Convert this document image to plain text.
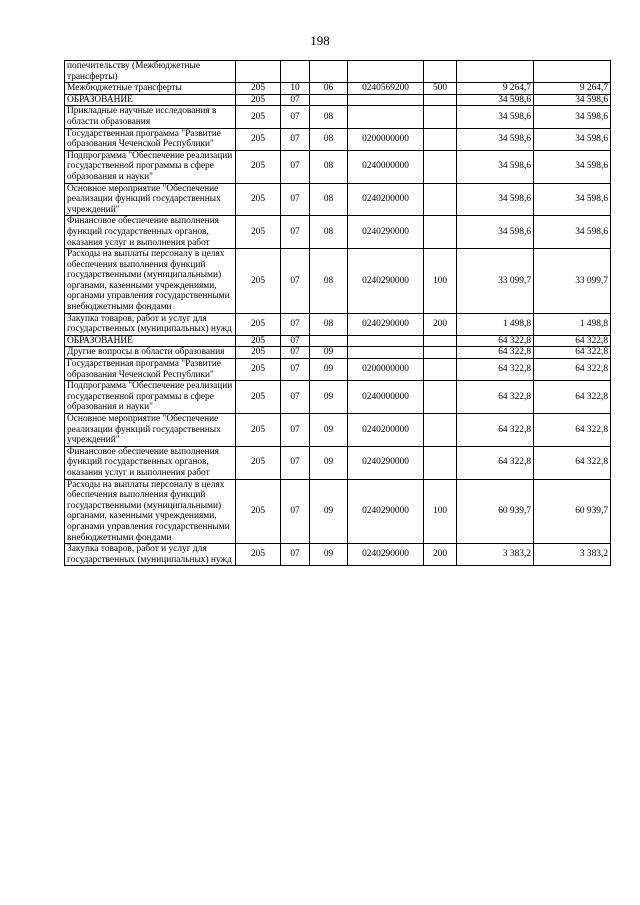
198
попечительству (Межбюджетные трансферты)							
Межбюджетные трансферты	205	10	06	0240569200	500	9 264,7	9 264,7
ОБРАЗОВАНИЕ	205	07				34 598,6	34 598,6
Прикладные научные исследования в области образования	205	07	08			34 598,6	34 598,6
Государственная программа "Развитие образования Чеченской Республики"	205	07	08	0200000000		34 598,6	34 598,6
Подпрограмма "Обеспечение реализации государственной программы в сфере образования и науки"	205	07	08	0240000000		34 598,6	34 598,6
Основное мероприятие "Обеспечение реализации функций государственных учреждений"	205	07	08	0240200000		34 598,6	34 598,6
Финансовое обеспечение выполнения функций государственных органов, оказания услуг и выполнения работ	205	07	08	0240290000		34 598,6	34 598,6
Расходы на выплаты персоналу в целях обеспечения выполнения функций государственными (муниципальными) органами, казенными учреждениями, органами управления государственными внебюджетными фондами	205	07	08	0240290000	100	33 099,7	33 099,7
Закупка товаров, работ и услуг для государственных (муниципальных) нужд	205	07	08	0240290000	200	1 498,8	1 498,8
ОБРАЗОВАНИЕ	205	07				64 322,8	64 322,8
Другие вопросы в области образования	205	07	09			64 322,8	64 322,8
Государственная программа "Развитие образования Чеченской Республики"	205	07	09	0200000000		64 322,8	64 322,8
Подпрограмма "Обеспечение реализации государственной программы в сфере образования и науки"	205	07	09	0240000000		64 322,8	64 322,8
Основное мероприятие "Обеспечение реализации функций государственных учреждений"	205	07	09	0240200000		64 322,8	64 322,8
Финансовое обеспечение выполнения функций государственных органов, оказания услуг и выполнения работ	205	07	09	0240290000		64 322,8	64 322,8
Расходы на выплаты персоналу в целях обеспечения выполнения функций государственными (муниципальными) органами, казенными учреждениями, органами управления государственными внебюджетными фондами	205	07	09	0240290000	100	60 939,7	60 939,7
Закупка товаров, работ и услуг для государственных (муниципальных) нужд	205	07	09	0240290000	200	3 383,2	3 383,2
